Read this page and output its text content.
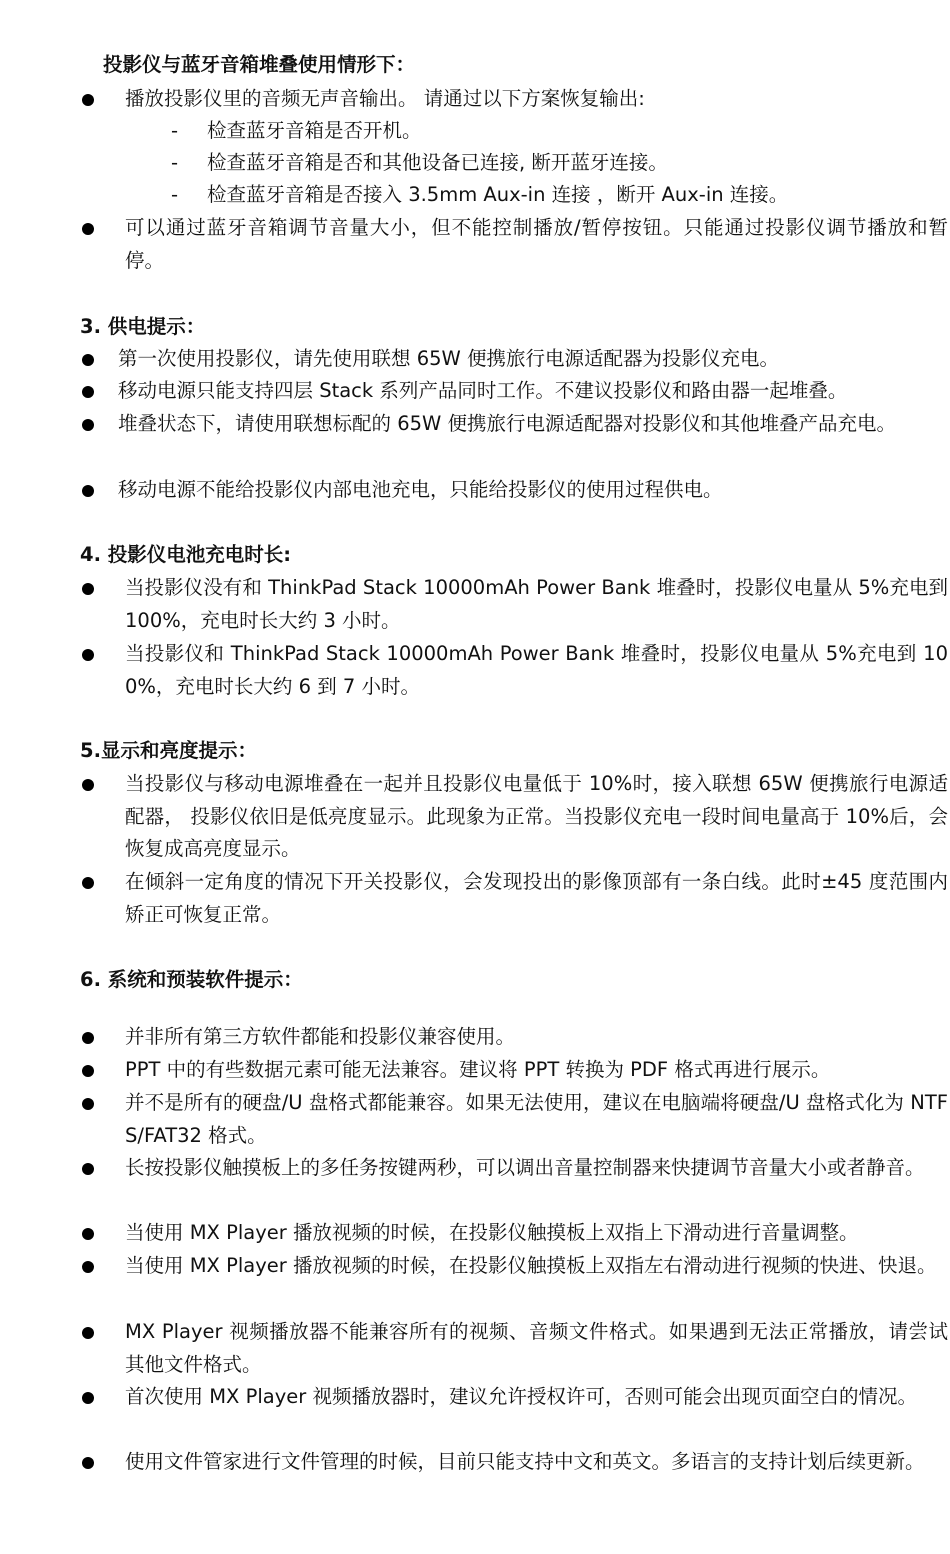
投影仪与蓝牙音箱堆叠使用情形下：
播放投影仪里的音频无声音输出。 请通过以下方案恢复输出:
- 检查蓝牙音箱是否开机。
- 检查蓝牙音箱是否和其他设备已连接, 断开蓝牙连接。
- 检查蓝牙音箱是否接入 3.5mm Aux-in 连接 ，断开 Aux-in 连接。
可以通过蓝牙音箱调节音量大小，但不能控制播放/暂停按钮。只能通过投影仪调节播放和暂停。
3. 供电提示：
第一次使用投影仪，请先使用联想 65W 便携旅行电源适配器为投影仪充电。
移动电源只能支持四层 Stack 系列产品同时工作。不建议投影仪和路由器一起堆叠。
堆叠状态下，请使用联想标配的 65W 便携旅行电源适配器对投影仪和其他堆叠产品充电。
移动电源不能给投影仪内部电池充电，只能给投影仪的使用过程供电。
4. 投影仪电池充电时长:
当投影仪没有和 ThinkPad Stack 10000mAh Power Bank 堆叠时，投影仪电量从 5%充电到 100%，充电时长大约 3 小时。
当投影仪和 ThinkPad Stack 10000mAh Power Bank 堆叠时，投影仪电量从 5%充电到 100%，充电时长大约 6 到 7 小时。
5.显示和亮度提示：
当投影仪与移动电源堆叠在一起并且投影仪电量低于 10%时，接入联想 65W 便携旅行电源适配器， 投影仪依旧是低亮度显示。此现象为正常。当投影仪充电一段时间电量高于 10%后，会恢复成高亮度显示。
在倾斜一定角度的情况下开关投影仪，会发现投出的影像顶部有一条白线。此时±45 度范围内矫正可恢复正常。
6. 系统和预装软件提示：
并非所有第三方软件都能和投影仪兼容使用。
PPT 中的有些数据元素可能无法兼容。建议将 PPT 转换为 PDF 格式再进行展示。
并不是所有的硬盘/U 盘格式都能兼容。如果无法使用，建议在电脑端将硬盘/U 盘格式化为 NTFS/FAT32 格式。
长按投影仪触摸板上的多任务按键两秒，可以调出音量控制器来快捷调节音量大小或者静音。
当使用 MX Player 播放视频的时候，在投影仪触摸板上双指上下滑动进行音量调整。
当使用 MX Player 播放视频的时候，在投影仪触摸板上双指左右滑动进行视频的快进、快退。
MX Player 视频播放器不能兼容所有的视频、音频文件格式。如果遇到无法正常播放，请尝试其他文件格式。
首次使用 MX Player 视频播放器时，建议允许授权许可，否则可能会出现页面空白的情况。
使用文件管家进行文件管理的时候，目前只能支持中文和英文。多语言的支持计划后续更新。
